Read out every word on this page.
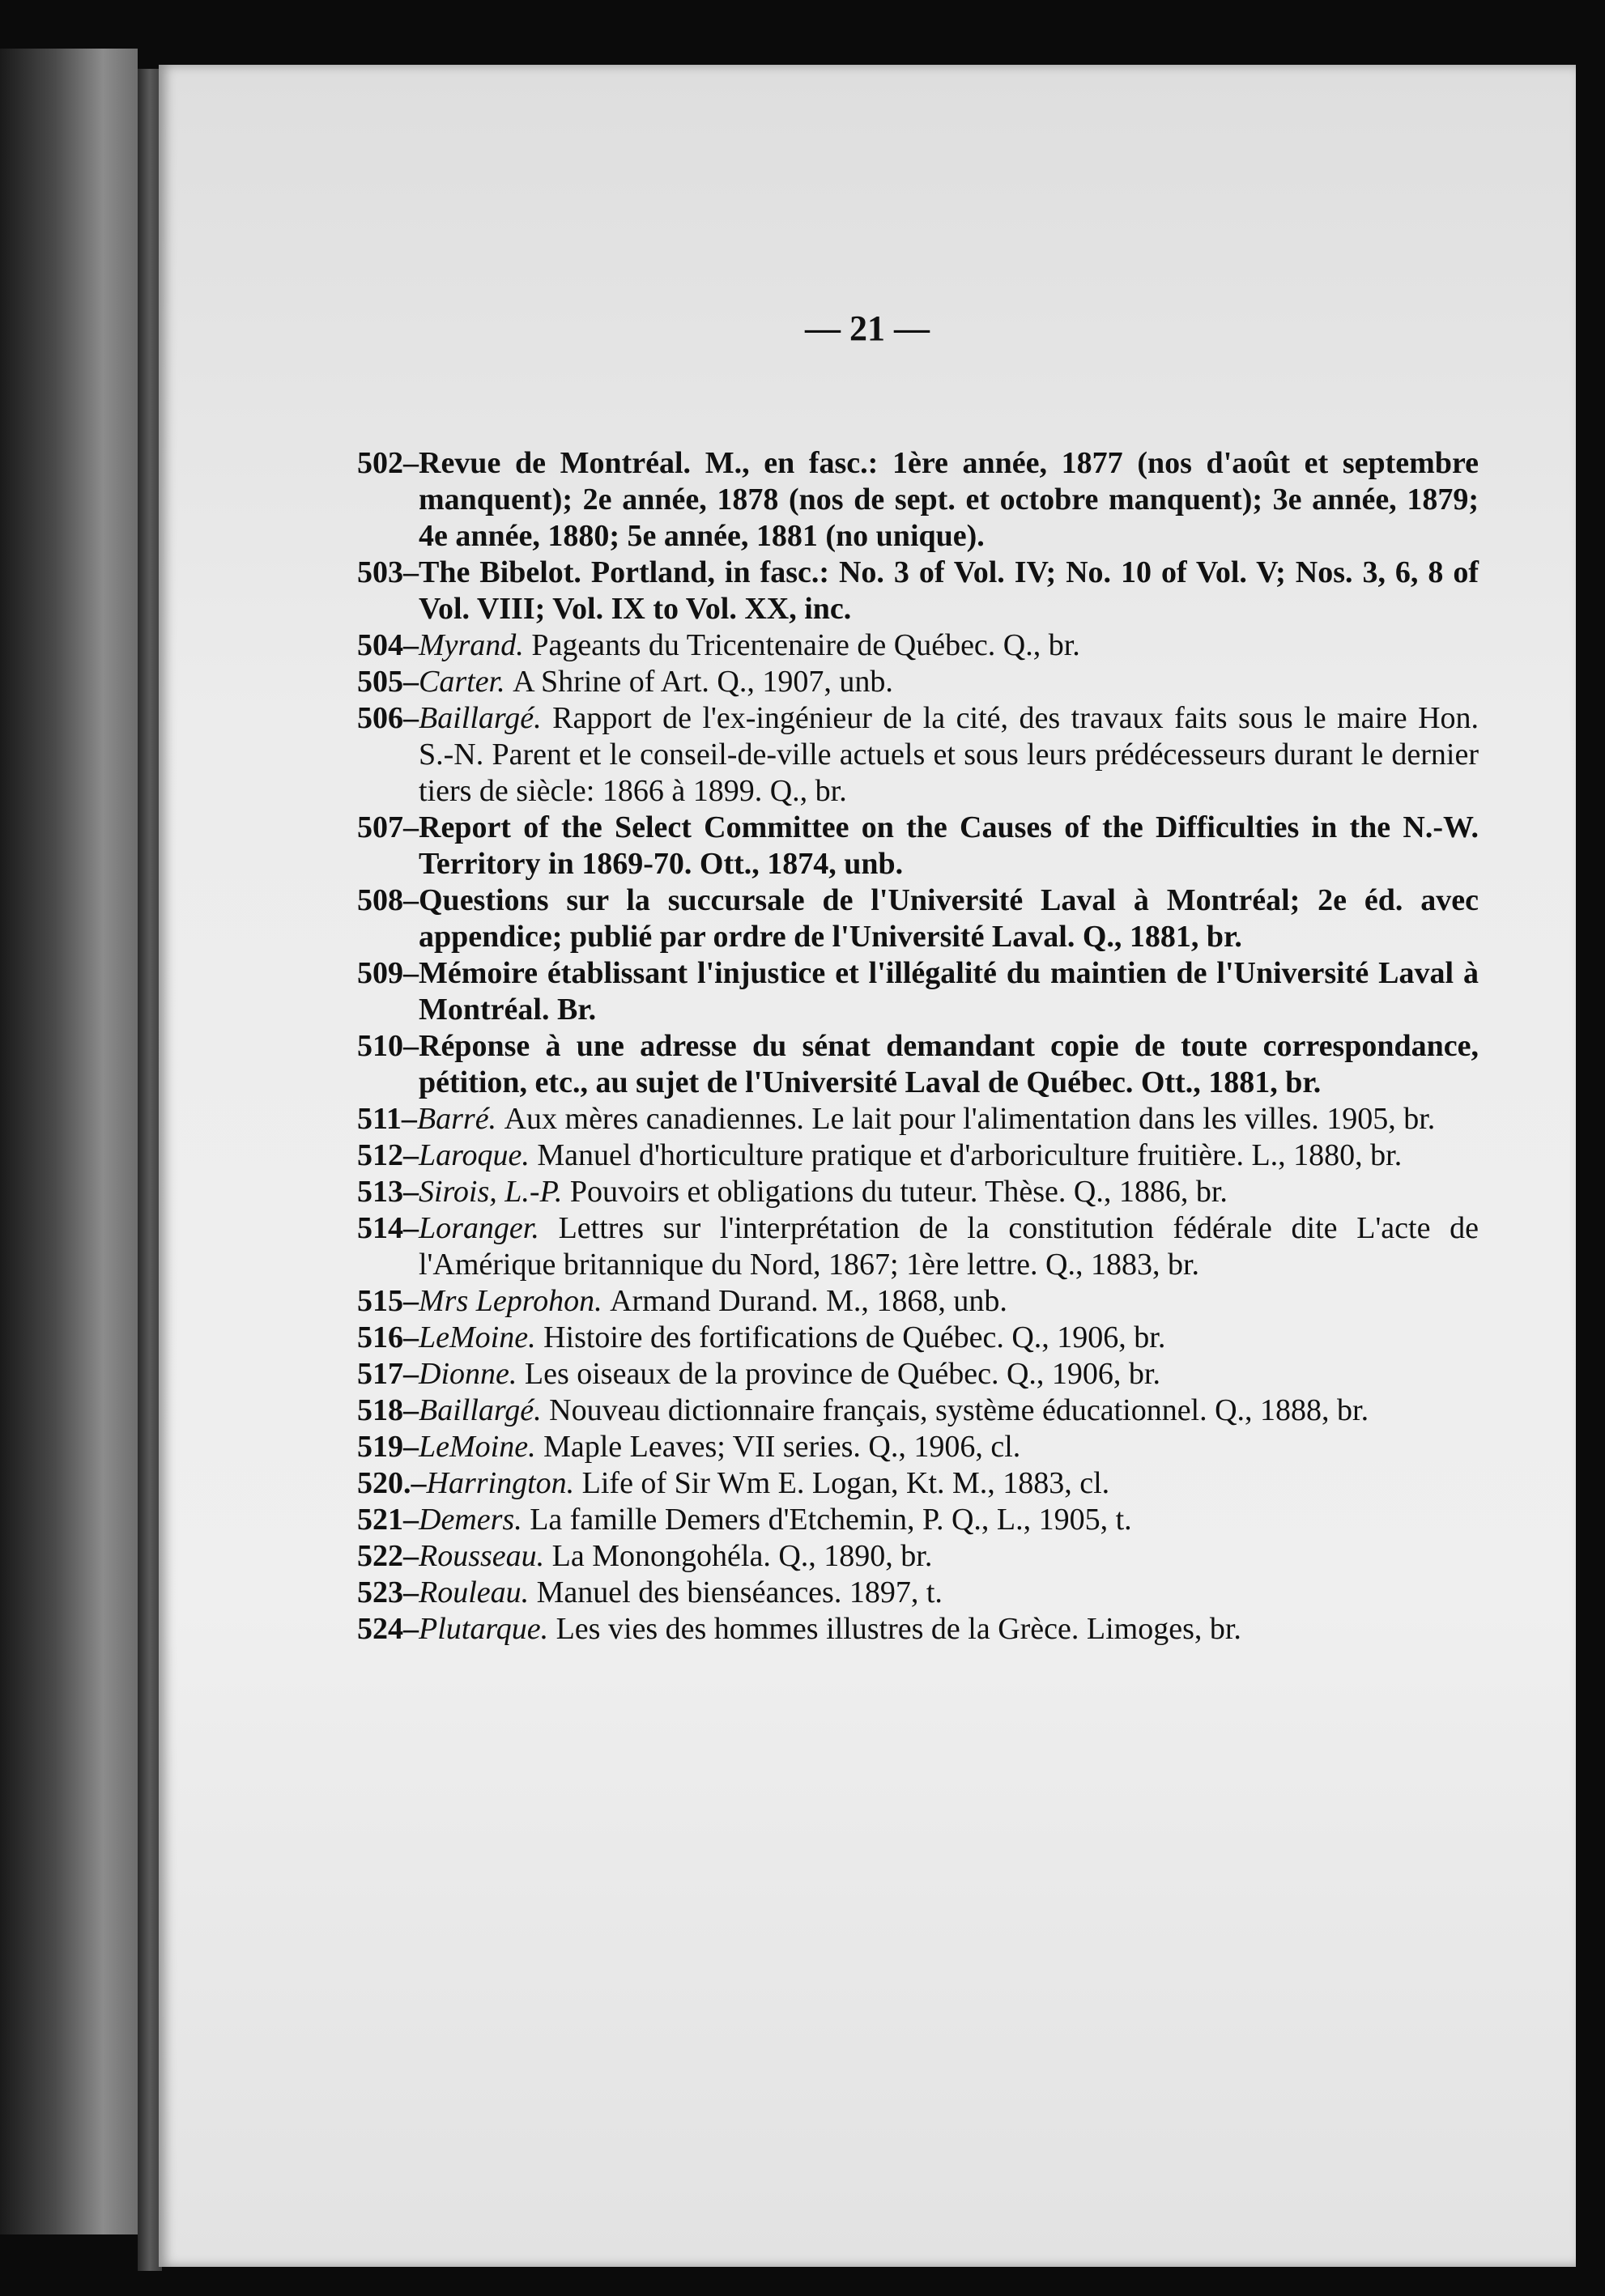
— 21 —
502– Revue de Montréal. M., en fasc.: 1ère année, 1877 (nos d'août et septembre manquent); 2e année, 1878 (nos de sept. et octobre manquent); 3e année, 1879; 4e année, 1880; 5e année, 1881 (no unique).
503– The Bibelot. Portland, in fasc.: No. 3 of Vol. IV; No. 10 of Vol. V; Nos. 3, 6, 8 of Vol. VIII; Vol. IX to Vol. XX, inc.
504– Myrand. Pageants du Tricentenaire de Québec. Q., br.
505– Carter. A Shrine of Art. Q., 1907, unb.
506– Baillargé. Rapport de l'ex-ingénieur de la cité, des travaux faits sous le maire Hon. S.-N. Parent et le conseil-de-ville actuels et sous leurs prédécesseurs durant le dernier tiers de siècle: 1866 à 1899. Q., br.
507– Report of the Select Committee on the Causes of the Difficulties in the N.-W. Territory in 1869-70. Ott., 1874, unb.
508– Questions sur la succursale de l'Université Laval à Montréal; 2e éd. avec appendice; publié par ordre de l'Université Laval. Q., 1881, br.
509– Mémoire établissant l'injustice et l'illégalité du maintien de l'Université Laval à Montréal. Br.
510– Réponse à une adresse du sénat demandant copie de toute correspondance, pétition, etc., au sujet de l'Université Laval de Québec. Ott., 1881, br.
511– Barré. Aux mères canadiennes. Le lait pour l'alimentation dans les villes. 1905, br.
512– Laroque. Manuel d'horticulture pratique et d'arboriculture fruitière. L., 1880, br.
513– Sirois, L.-P. Pouvoirs et obligations du tuteur. Thèse. Q., 1886, br.
514– Loranger. Lettres sur l'interprétation de la constitution fédérale dite L'acte de l'Amérique britannique du Nord, 1867; 1ère lettre. Q., 1883, br.
515– Mrs Leprohon. Armand Durand. M., 1868, unb.
516– LeMoine. Histoire des fortifications de Québec. Q., 1906, br.
517– Dionne. Les oiseaux de la province de Québec. Q., 1906, br.
518– Baillargé. Nouveau dictionnaire français, système éducationnel. Q., 1888, br.
519– LeMoine. Maple Leaves; VII series. Q., 1906, cl.
520.– Harrington. Life of Sir Wm E. Logan, Kt. M., 1883, cl.
521– Demers. La famille Demers d'Etchemin, P. Q., L., 1905, t.
522– Rousseau. La Monongohéla. Q., 1890, br.
523– Rouleau. Manuel des bienséances. 1897, t.
524– Plutarque. Les vies des hommes illustres de la Grèce. Limoges, br.
